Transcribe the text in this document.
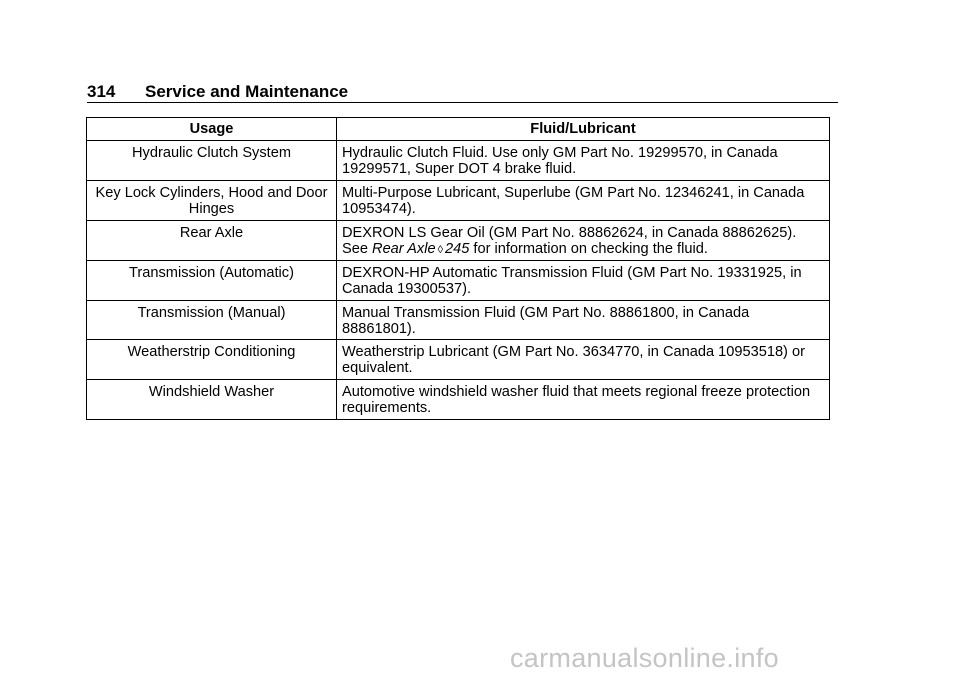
314 Service and Maintenance
Usage	Fluid/Lubricant
Hydraulic Clutch System	Hydraulic Clutch Fluid. Use only GM Part No. 19299570, in Canada 19299571, Super DOT 4 brake fluid.
Key Lock Cylinders, Hood and Door Hinges	Multi-Purpose Lubricant, Superlube (GM Part No. 12346241, in Canada 10953474).
Rear Axle	DEXRON LS Gear Oil (GM Part No. 88862624, in Canada 88862625). See Rear Axle ◊ 245 for information on checking the fluid.
Transmission (Automatic)	DEXRON-HP Automatic Transmission Fluid (GM Part No. 19331925, in Canada 19300537).
Transmission (Manual)	Manual Transmission Fluid (GM Part No. 88861800, in Canada 88861801).
Weatherstrip Conditioning	Weatherstrip Lubricant (GM Part No. 3634770, in Canada 10953518) or equivalent.
Windshield Washer	Automotive windshield washer fluid that meets regional freeze protection requirements.
carmanualsonline.info
